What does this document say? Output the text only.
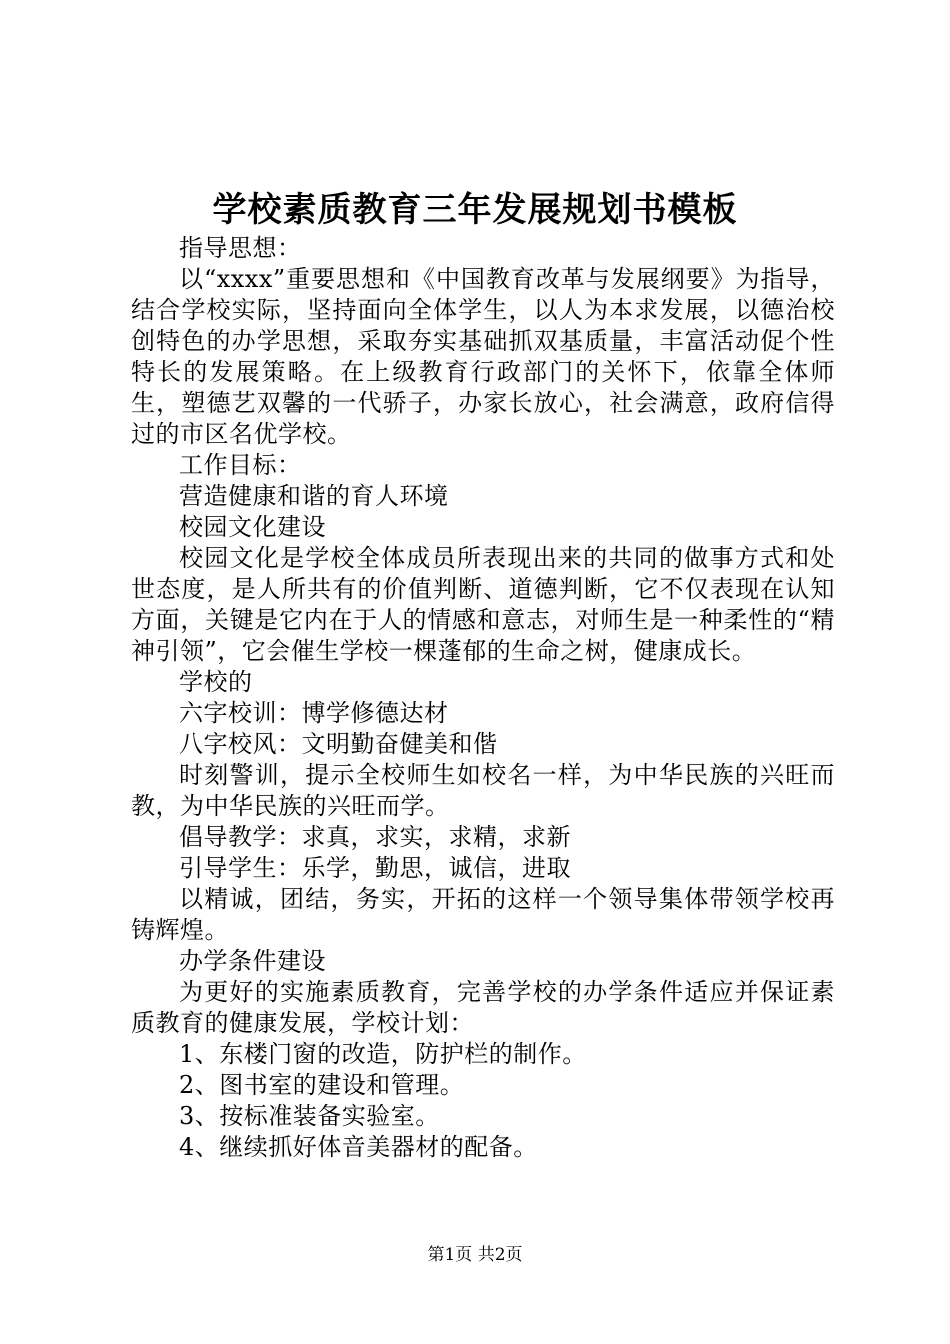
学校素质教育三年发展规划书模板

指导思想：

以“xxxx”重要思想和《中国教育改革与发展纲要》为指导，结合学校实际，坚持面向全体学生，以人为本求发展，以德治校创特色的办学思想，采取夯实基础抓双基质量，丰富活动促个性特长的发展策略。在上级教育行政部门的关怀下，依靠全体师生，塑德艺双馨的一代骄子，办家长放心，社会满意，政府信得过的市区名优学校。

工作目标：

营造健康和谐的育人环境

校园文化建设

校园文化是学校全体成员所表现出来的共同的做事方式和处世态度，是人所共有的价值判断、道德判断，它不仅表现在认知方面，关键是它内在于人的情感和意志，对师生是一种柔性的“精神引领”，它会催生学校一棵蓬郁的生命之树，健康成长。

学校的

六字校训：博学修德达材

八字校风：文明勤奋健美和偕

时刻警训，提示全校师生如校名一样，为中华民族的兴旺而教，为中华民族的兴旺而学。

倡导教学：求真，求实，求精，求新

引导学生：乐学，勤思，诚信，进取

以精诚，团结，务实，开拓的这样一个领导集体带领学校再铸辉煌。

办学条件建设

为更好的实施素质教育，完善学校的办学条件适应并保证素质教育的健康发展，学校计划：

1、东楼门窗的改造，防护栏的制作。

2、图书室的建设和管理。

3、按标准装备实验室。

4、继续抓好体音美器材的配备。

第1页 共2页
